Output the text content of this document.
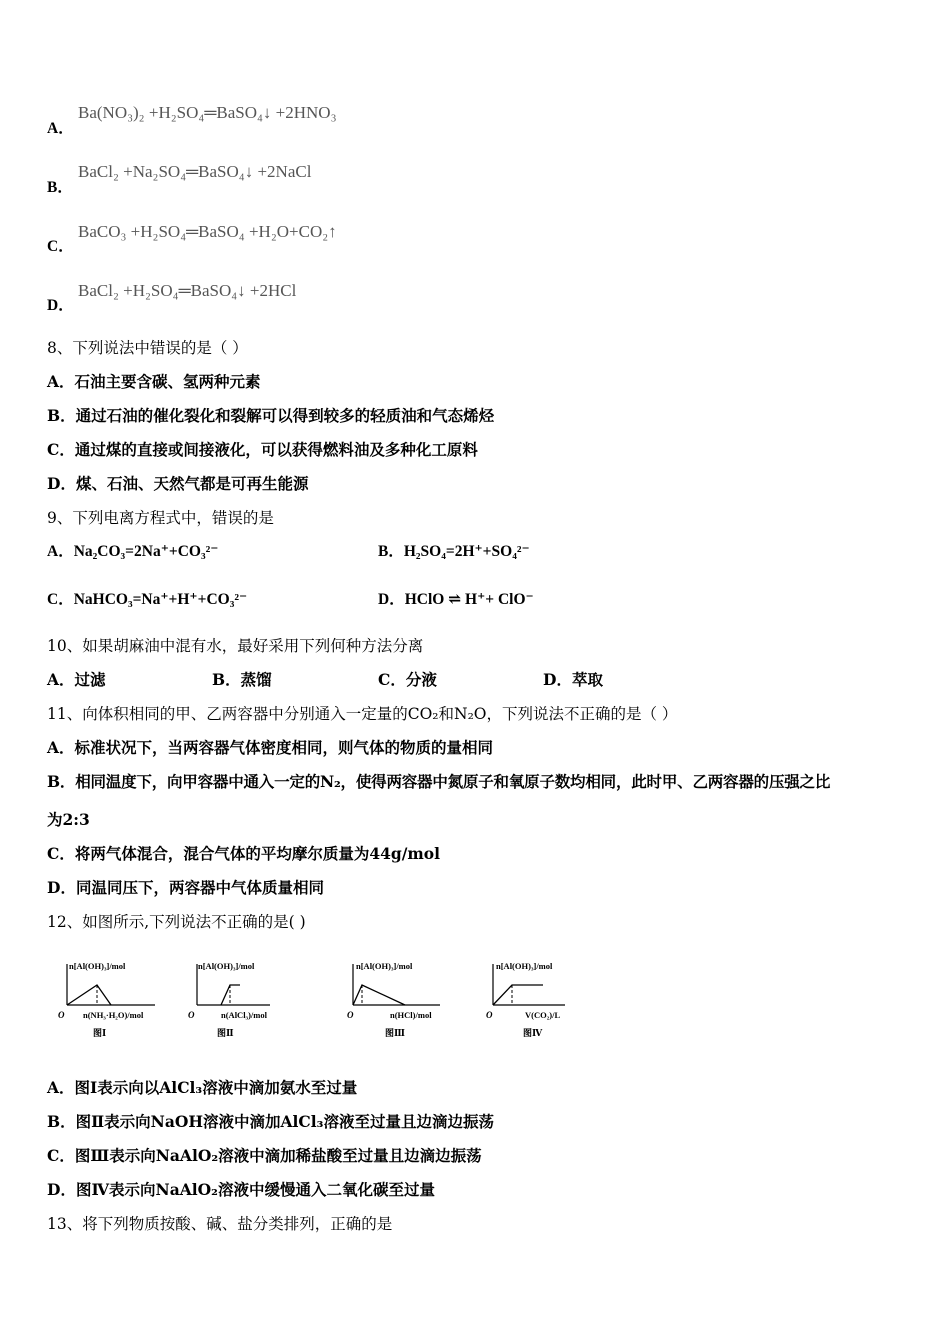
A．
Ba(NO₃)₂ +H₂SO₄═BaSO₄↓ +2HNO₃
B．
BaCl₂ +Na₂SO₄═BaSO₄↓ +2NaCl
C．
BaCO₃ +H₂SO₄═BaSO₄ +H₂O+CO₂↑
D．
BaCl₂ +H₂SO₄═BaSO₄↓ +2HCl
8、下列说法中错误的是（ ）
A．石油主要含碳、氢两种元素
B．通过石油的催化裂化和裂解可以得到较多的轻质油和气态烯烃
C．通过煤的直接或间接液化，可以获得燃料油及多种化工原料
D．煤、石油、天然气都是可再生能源
9、下列电离方程式中，错误的是
A．Na₂CO₃=2Na⁺+CO₃²⁻	B．H₂SO₄=2H⁺+SO₄²⁻
C．NaHCO₃=Na⁺+H⁺+CO₃²⁻	D．HClO ⇌ H⁺+ ClO⁻
10、如果胡麻油中混有水，最好采用下列何种方法分离
A．过滤	B．蒸馏	C．分液	D．萃取
11、向体积相同的甲、乙两容器中分别通入一定量的CO₂和N₂O，下列说法不正确的是（ ）
A．标准状况下，当两容器气体密度相同，则气体的物质的量相同
B．相同温度下，向甲容器中通入一定的N₂，使得两容器中氮原子和氧原子数均相同，此时甲、乙两容器的压强之比
为2:3
C．将两气体混合，混合气体的平均摩尔质量为44g/mol
D．同温同压下，两容器中气体质量相同
12、如图所示,下列说法不正确的是( )
n[Al(OH)₃]/mol
O n(NH₃·H₂O)/mol
图Ⅰ
n[Al(OH)₃]/mol
O	n(AlCl₃)/mol
图Ⅱ
n[Al(OH)₃]/mol
O	n(HCl)/mol
图Ⅲ
n[Al(OH)₃]/mol
O	V(CO₂)/L
图Ⅳ
A．图Ⅰ表示向以AlCl₃溶液中滴加氨水至过量
B．图Ⅱ表示向NaOH溶液中滴加AlCl₃溶液至过量且边滴边振荡
C．图Ⅲ表示向NaAlO₂溶液中滴加稀盐酸至过量且边滴边振荡
D．图Ⅳ表示向NaAlO₂溶液中缓慢通入二氧化碳至过量
13、将下列物质按酸、碱、盐分类排列，正确的是
